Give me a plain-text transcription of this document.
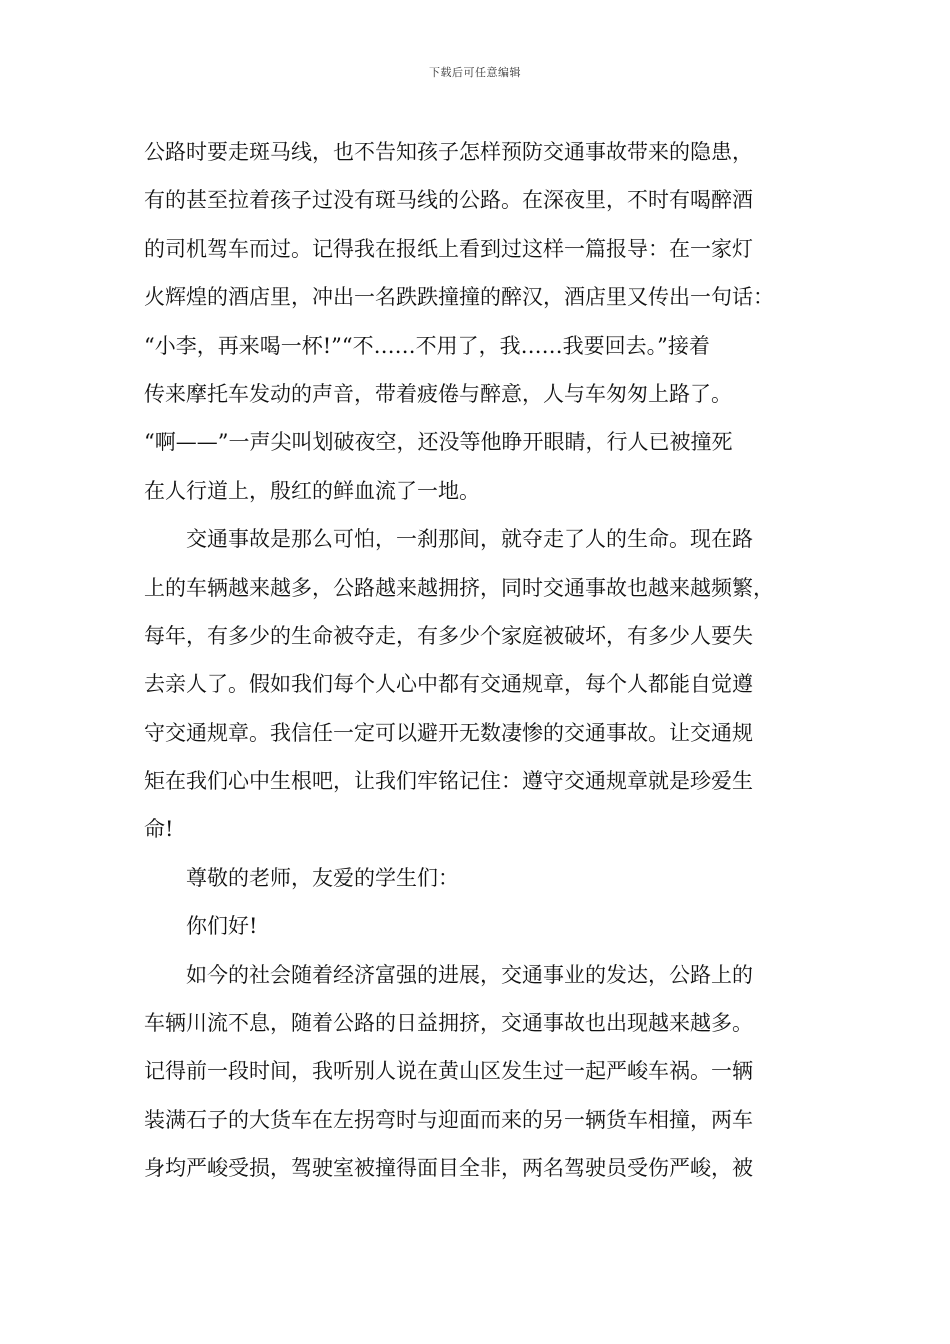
下载后可任意编辑
公路时要走斑马线，也不告知孩子怎样预防交通事故带来的隐患，
有的甚至拉着孩子过没有斑马线的公路。在深夜里，不时有喝醉酒
的司机驾车而过。记得我在报纸上看到过这样一篇报导：在一家灯
火辉煌的酒店里，冲出一名跌跌撞撞的醉汉，酒店里又传出一句话：
“小李，再来喝一杯!”“不……不用了，我……我要回去。”接着
传来摩托车发动的声音，带着疲倦与醉意，人与车匆匆上路了。
“啊——”一声尖叫划破夜空，还没等他睁开眼睛，行人已被撞死
在人行道上，殷红的鲜血流了一地。
交通事故是那么可怕，一刹那间，就夺走了人的生命。现在路
上的车辆越来越多，公路越来越拥挤，同时交通事故也越来越频繁，
每年，有多少的生命被夺走，有多少个家庭被破坏，有多少人要失
去亲人了。假如我们每个人心中都有交通规章，每个人都能自觉遵
守交通规章。我信任一定可以避开无数凄惨的交通事故。让交通规
矩在我们心中生根吧，让我们牢铭记住：遵守交通规章就是珍爱生
命!
尊敬的老师，友爱的学生们：
你们好!
如今的社会随着经济富强的进展，交通事业的发达，公路上的
车辆川流不息，随着公路的日益拥挤，交通事故也出现越来越多。
记得前一段时间，我听别人说在黄山区发生过一起严峻车祸。一辆
装满石子的大货车在左拐弯时与迎面而来的另一辆货车相撞，两车
身均严峻受损，驾驶室被撞得面目全非，两名驾驶员受伤严峻，被
